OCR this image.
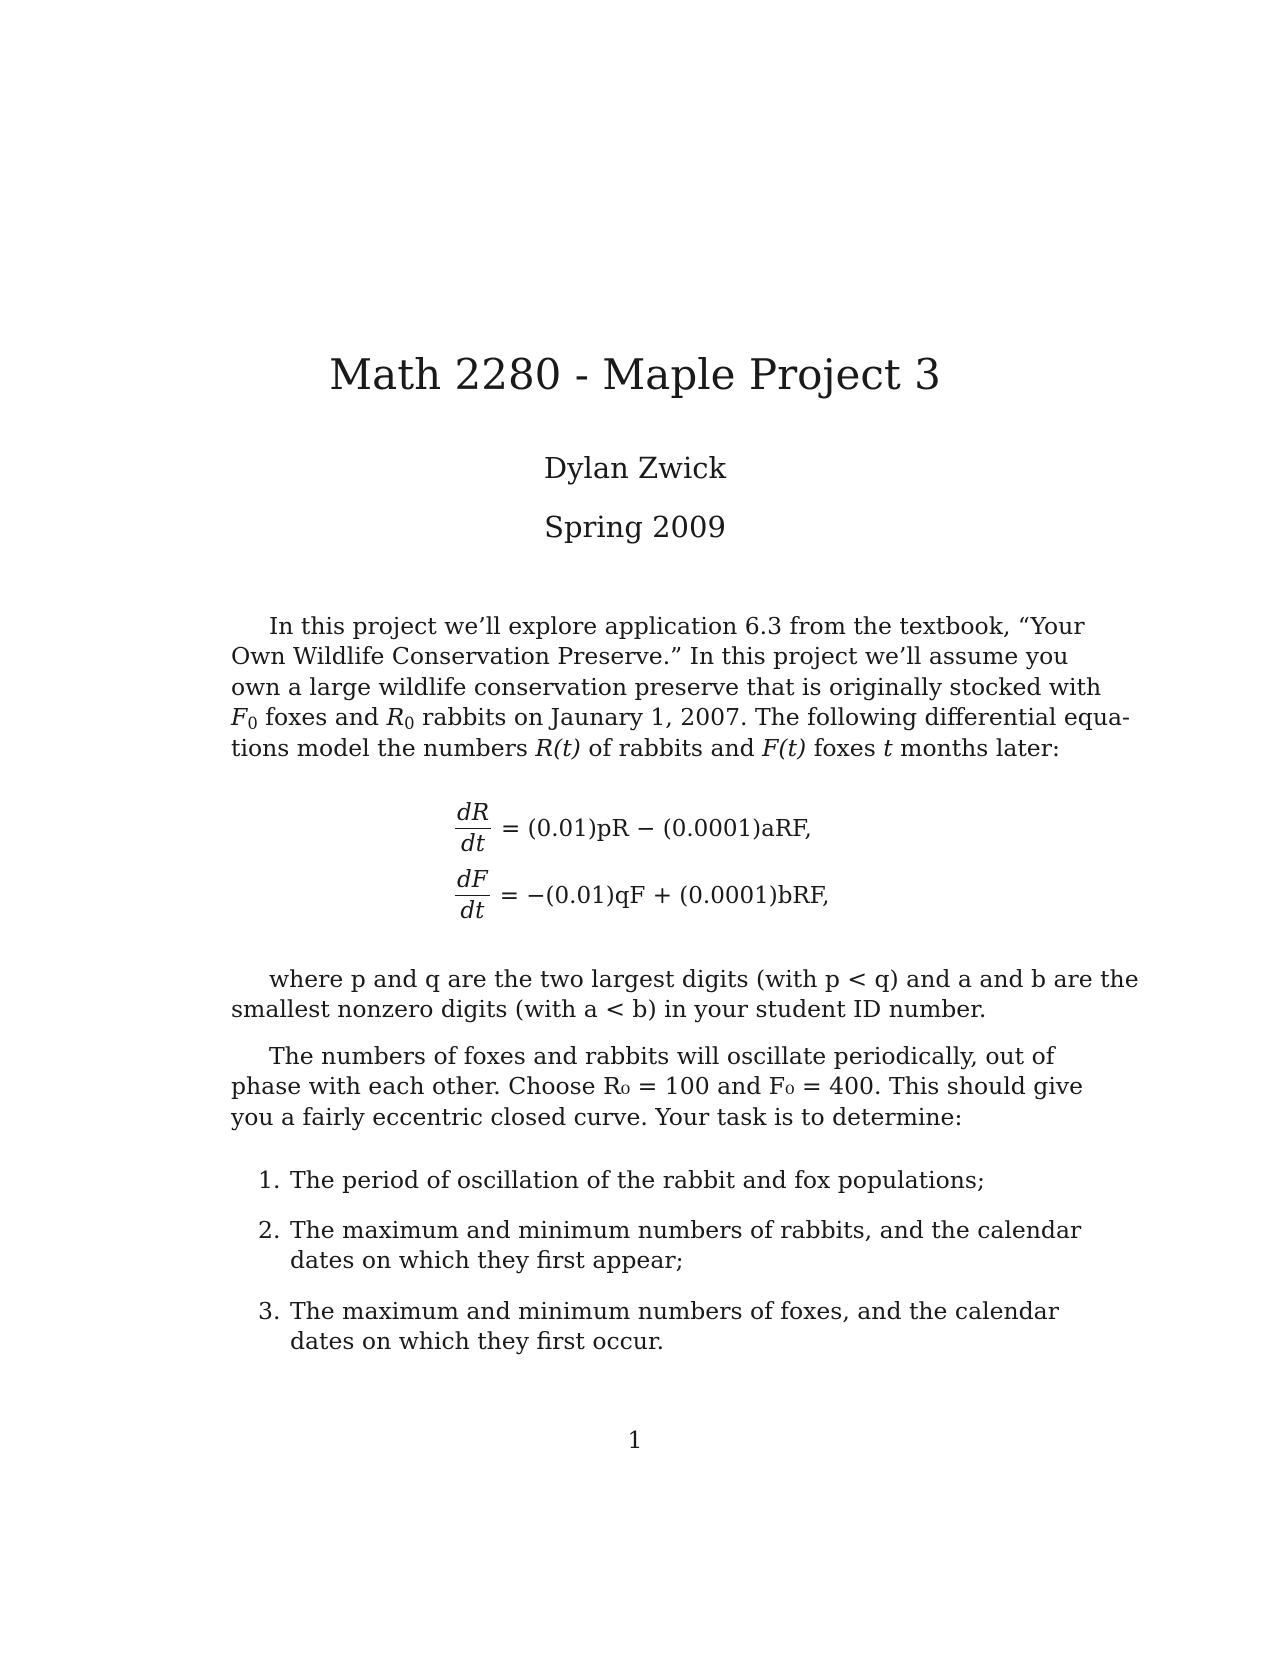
Math 2280 - Maple Project 3
Dylan Zwick
Spring 2009
In this project we’ll explore application 6.3 from the textbook, “Your
Own Wildlife Conservation Preserve.” In this project we’ll assume you
own a large wildlife conservation preserve that is originally stocked with
$F_0$ foxes and $R_0$ rabbits on Jaunary 1, 2007. The following differential equa-
tions model the numbers R(t) of rabbits and F(t) foxes t months later:
$\frac{dR}{dt} = (0.01)pR - (0.0001)aRF$,
$\frac{dF}{dt} = -(0.01)qF + (0.0001)bRF$,
where p and q are the two largest digits (with p < q) and a and b are the
smallest nonzero digits (with a < b) in your student ID number.
The numbers of foxes and rabbits will oscillate periodically, out of
phase with each other. Choose R₀ = 100 and F₀ = 400. This should give
you a fairly eccentric closed curve. Your task is to determine:
1. The period of oscillation of the rabbit and fox populations;
2. The maximum and minimum numbers of rabbits, and the calendar
dates on which they first appear;
3. The maximum and minimum numbers of foxes, and the calendar
dates on which they first occur.
1
